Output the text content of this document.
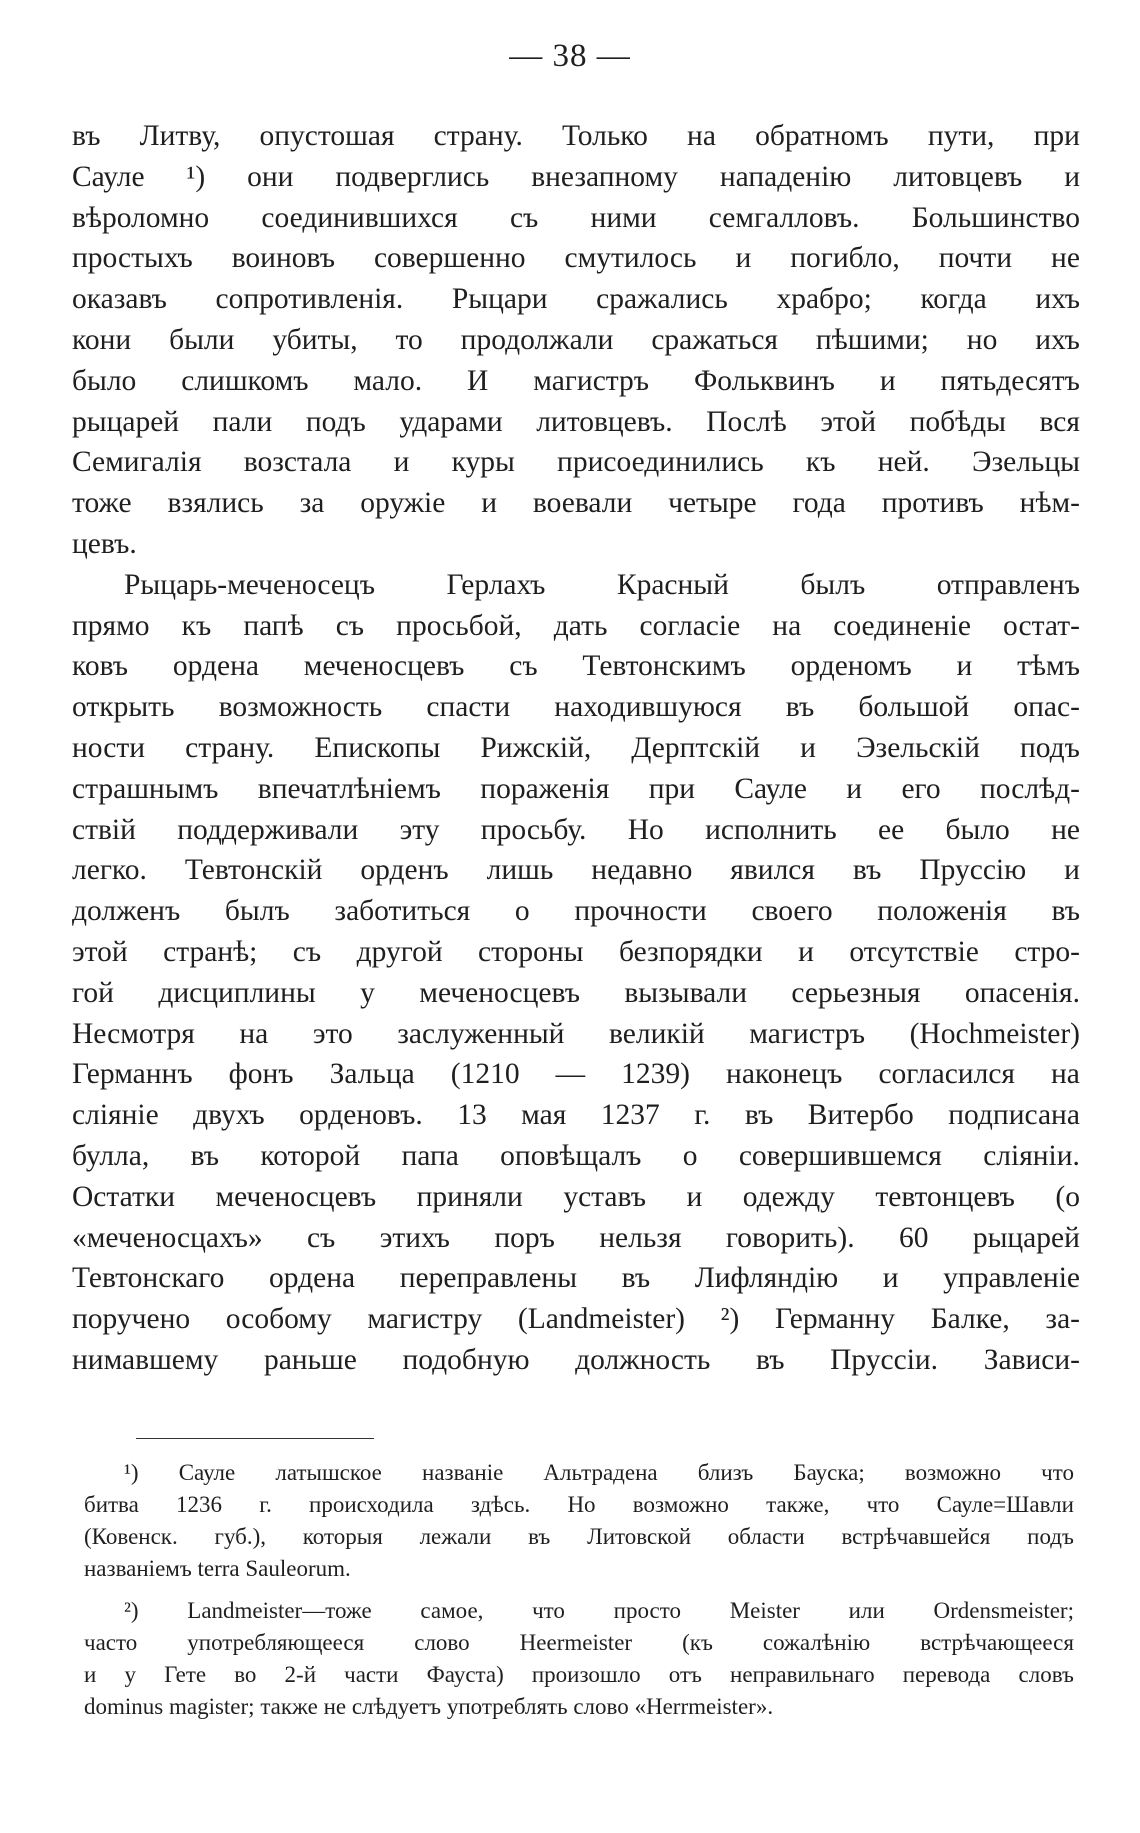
— 38 —
въ Литву, опустошая страну. Только на обратномъ пути, при
Сауле ¹) они подверглись внезапному нападенію литовцевъ и
вѣроломно соединившихся съ ними семгалловъ. Большинство
простыхъ воиновъ совершенно смутилось и погибло, почти не
оказавъ сопротивленія. Рыцари сражались храбро; когда ихъ
кони были убиты, то продолжали сражаться пѣшими; но ихъ
было слишкомъ мало. И магистръ Фольквинъ и пятьдесятъ
рыцарей пали подъ ударами литовцевъ. Послѣ этой побѣды вся
Семигалія возстала и куры присоединились къ ней. Эзельцы
тоже взялись за оружіе и воевали четыре года противъ нѣм-
цевъ.
Рыцарь-меченосецъ Герлахъ Красный былъ отправленъ
прямо къ папѣ съ просьбой, дать согласіе на соединеніе остат-
ковъ ордена меченосцевъ съ Тевтонскимъ орденомъ и тѣмъ
открыть возможность спасти находившуюся въ большой опас-
ности страну. Епископы Рижскій, Дерптскій и Эзельскій подъ
страшнымъ впечатлѣніемъ пораженія при Сауле и его послѣд-
ствій поддерживали эту просьбу. Но исполнить ее было не
легко. Тевтонскій орденъ лишь недавно явился въ Пруссію и
долженъ былъ заботиться о прочности своего положенія въ
этой странѣ; съ другой стороны безпорядки и отсутствіе стро-
гой дисциплины у меченосцевъ вызывали серьезныя опасенія.
Несмотря на это заслуженный великій магистръ (Hochmeister)
Германнъ фонъ Зальца (1210 — 1239) наконецъ согласился на
сліяніе двухъ орденовъ. 13 мая 1237 г. въ Витербо подписана
булла, въ которой папа оповѣщалъ о совершившемся сліяніи.
Остатки меченосцевъ приняли уставъ и одежду тевтонцевъ (о
«меченосцахъ» съ этихъ поръ нельзя говорить). 60 рыцарей
Тевтонскаго ордена переправлены въ Лифляндію и управленіе
поручено особому магистру (Landmeister) ²) Германну Балке, за-
нимавшему раньше подобную должность въ Пруссіи. Зависи-
¹) Сауле латышское названіе Альтрадена близъ Бауска; возможно что
битва 1236 г. происходила здѣсь. Но возможно также, что Сауле=Шавли
(Ковенск. губ.), которыя лежали въ Литовской области встрѣчавшейся подъ
названіемъ terra Sauleorum.
²) Landmeister—тоже самое, что просто Meister или Ordensmeister;
часто употребляющееся слово Heermeister (къ сожалѣнію встрѣчающееся
и у Гете во 2-й части Фауста) произошло отъ неправильнаго перевода словъ
dominus magister; также не слѣдуетъ употреблять слово «Herrmeister».
